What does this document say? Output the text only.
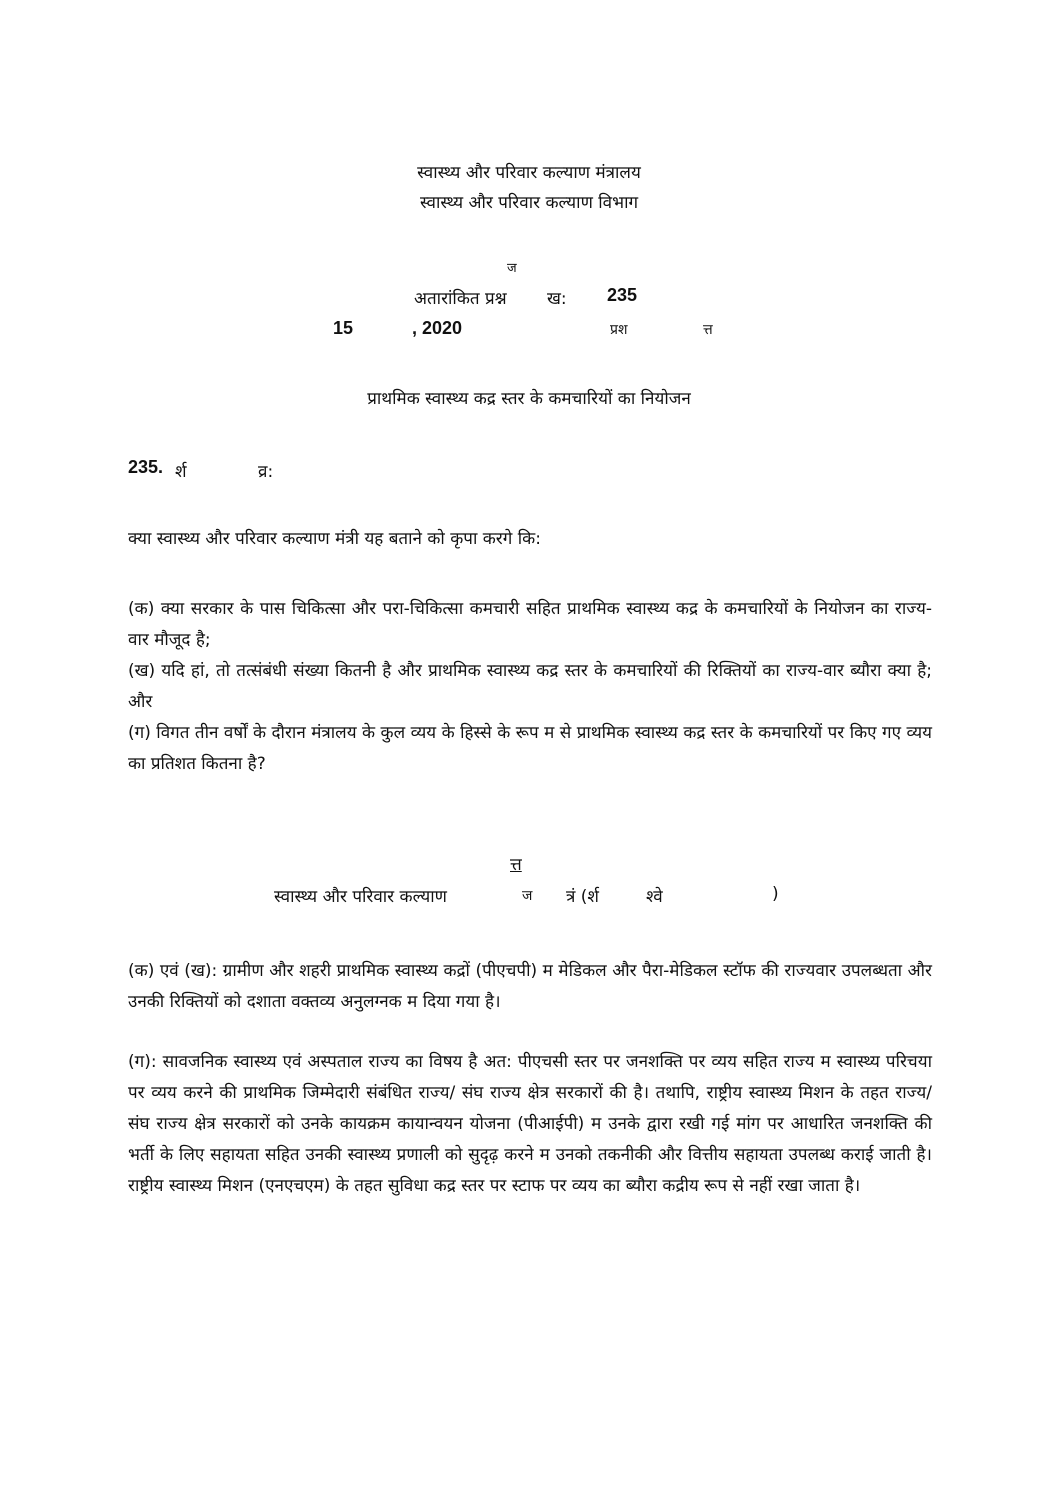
स्वास्थ्य और परिवार कल्याण मंत्रालय
स्वास्थ्य और परिवार कल्याण विभाग
ज
अतारांकित प्रश्न ख: 235
15	, 2020	प्रश	त्त
प्राथमिक स्वास्थ्य कद्र स्तर के कमचारियों का नियोजन
235. र्श	व्र:
क्या स्वास्थ्य और परिवार कल्याण मंत्री यह बताने को कृपा करगे कि:

(क) क्या सरकार के पास चिकित्सा और परा-चिकित्सा कमचारी सहित प्राथमिक स्वास्थ्य कद्र के कमचारियों के नियोजन का राज्य-वार मौजूद है;

(ख) यदि हां, तो तत्संबंधी संख्या कितनी है और प्राथमिक स्वास्थ्य कद्र स्तर के कमचारियों की रिक्तियों का राज्य-वार ब्यौरा क्या है; और

(ग) विगत तीन वर्षों के दौरान मंत्रालय के कुल व्यय के हिस्से के रूप म से प्राथमिक स्वास्थ्य कद्र स्तर के कमचारियों पर किए गए व्यय का प्रतिशत कितना है?

त्त
स्वास्थ्य और परिवार कल्याण	ज त्रं (र्श	श्वे	)
(क) एवं (ख): ग्रामीण और शहरी प्राथमिक स्वास्थ्य कद्रों (पीएचपी) म मेडिकल और पैरा-मेडिकल स्टॉफ की राज्यवार उपलब्धता और उनकी रिक्तियों को दशाता वक्तव्य अनुलग्नक म दिया गया है।
(ग): सावजनिक स्वास्थ्य एवं अस्पताल राज्य का विषय है अत: पीएचसी स्तर पर जनशक्ति पर व्यय सहित राज्य म स्वास्थ्य परिचया पर व्यय करने की प्राथमिक जिम्मेदारी संबंधित राज्य/ संघ राज्य क्षेत्र सरकारों की है। तथापि, राष्ट्रीय स्वास्थ्य मिशन के तहत राज्य/ संघ राज्य क्षेत्र सरकारों को उनके कायक्रम कायान्वयन योजना (पीआईपी) म उनके द्वारा रखी गई मांग पर आधारित जनशक्ति की भर्ती के लिए सहायता सहित उनकी स्वास्थ्य प्रणाली को सुदृढ़ करने म उनको तकनीकी और वित्तीय सहायता उपलब्ध कराई जाती है। राष्ट्रीय स्वास्थ्य मिशन (एनएचएम) के तहत सुविधा कद्र स्तर पर स्टाफ पर व्यय का ब्यौरा कद्रीय रूप से नहीं रखा जाता है।
